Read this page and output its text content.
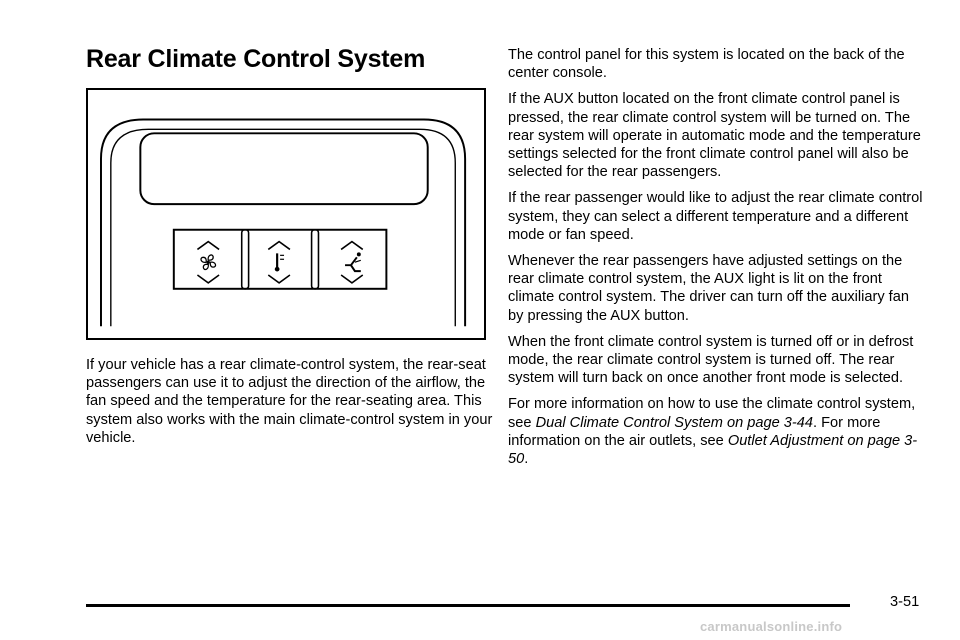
Rear Climate Control System

If your vehicle has a rear climate-control system, the rear-seat passengers can use it to adjust the direction of the airflow, the fan speed and the temperature for the rear-seating area. This system also works with the main climate-control system in your vehicle.

The control panel for this system is located on the back of the center console.

If the AUX button located on the front climate control panel is pressed, the rear climate control system will be turned on. The rear system will operate in automatic mode and the temperature settings selected for the front climate control panel will also be selected for the rear passengers.

If the rear passenger would like to adjust the rear climate control system, they can select a different temperature and a different mode or fan speed.

Whenever the rear passengers have adjusted settings on the rear climate control system, the AUX light is lit on the front climate control system. The driver can turn off the auxiliary fan by pressing the AUX button.

When the front climate control system is turned off or in defrost mode, the rear climate control system is turned off. The rear system will turn back on once another front mode is selected.

For more information on how to use the climate control system, see Dual Climate Control System on page 3-44. For more information on the air outlets, see Outlet Adjustment on page 3-50.

3-51
carmanualsonline.info
